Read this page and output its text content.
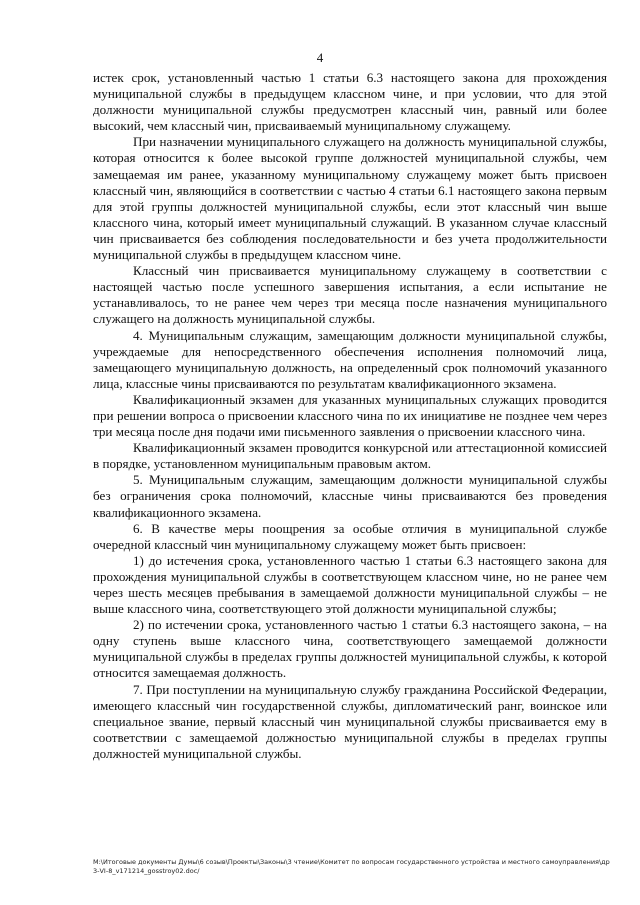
4

истек срок, установленный частью 1 статьи 6.3 настоящего закона для прохождения муниципальной службы в предыдущем классном чине, и при условии, что для этой должности муниципальной службы предусмотрен классный чин, равный или более высокий, чем классный чин, присваиваемый муниципальному служащему.

При назначении муниципального служащего на должность муниципальной службы, которая относится к более высокой группе должностей муниципальной службы, чем замещаемая им ранее, указанному муниципальному служащему может быть присвоен классный чин, являющийся в соответствии с частью 4 статьи 6.1 настоящего закона первым для этой группы должностей муниципальной службы, если этот классный чин выше классного чина, который имеет муниципальный служащий. В указанном случае классный чин присваивается без соблюдения последовательности и без учета продолжительности муниципальной службы в предыдущем классном чине.

Классный чин присваивается муниципальному служащему в соответствии с настоящей частью после успешного завершения испытания, а если испытание не устанавливалось, то не ранее чем через три месяца после назначения муниципального служащего на должность муниципальной службы.

4. Муниципальным служащим, замещающим должности муниципальной службы, учреждаемые для непосредственного обеспечения исполнения полномочий лица, замещающего муниципальную должность, на определенный срок полномочий указанного лица, классные чины присваиваются по результатам квалификационного экзамена.

Квалификационный экзамен для указанных муниципальных служащих проводится при решении вопроса о присвоении классного чина по их инициативе не позднее чем через три месяца после дня подачи ими письменного заявления о присвоении классного чина.

Квалификационный экзамен проводится конкурсной или аттестационной комиссией в порядке, установленном муниципальным правовым актом.

5. Муниципальным служащим, замещающим должности муниципальной службы без ограничения срока полномочий, классные чины присваиваются без проведения квалификационного экзамена.

6. В качестве меры поощрения за особые отличия в муниципальной службе очередной классный чин муниципальному служащему может быть присвоен:

1) до истечения срока, установленного частью 1 статьи 6.3 настоящего закона для прохождения муниципальной службы в соответствующем классном чине, но не ранее чем через шесть месяцев пребывания в замещаемой должности муниципальной службы – не выше классного чина, соответствующего этой должности муниципальной службы;

2) по истечении срока, установленного частью 1 статьи 6.3 настоящего закона, – на одну ступень выше классного чина, соответствующего замещаемой должности муниципальной службы в пределах группы должностей муниципальной службы, к которой относится замещаемая должность.

7. При поступлении на муниципальную службу гражданина Российской Федерации, имеющего классный чин государственной службы, дипломатический ранг, воинское или специальное звание, первый классный чин муниципальной службы присваивается ему в соответствии с замещаемой должностью муниципальной службы в пределах группы должностей муниципальной службы.

M:\Итоговые документы Думы\6 созыв\Проекты\Законы\3 чтение\Комитет по вопросам государственного устройства и местного самоуправления\др3-VI-8_v171214_gosstroy02.doc/
